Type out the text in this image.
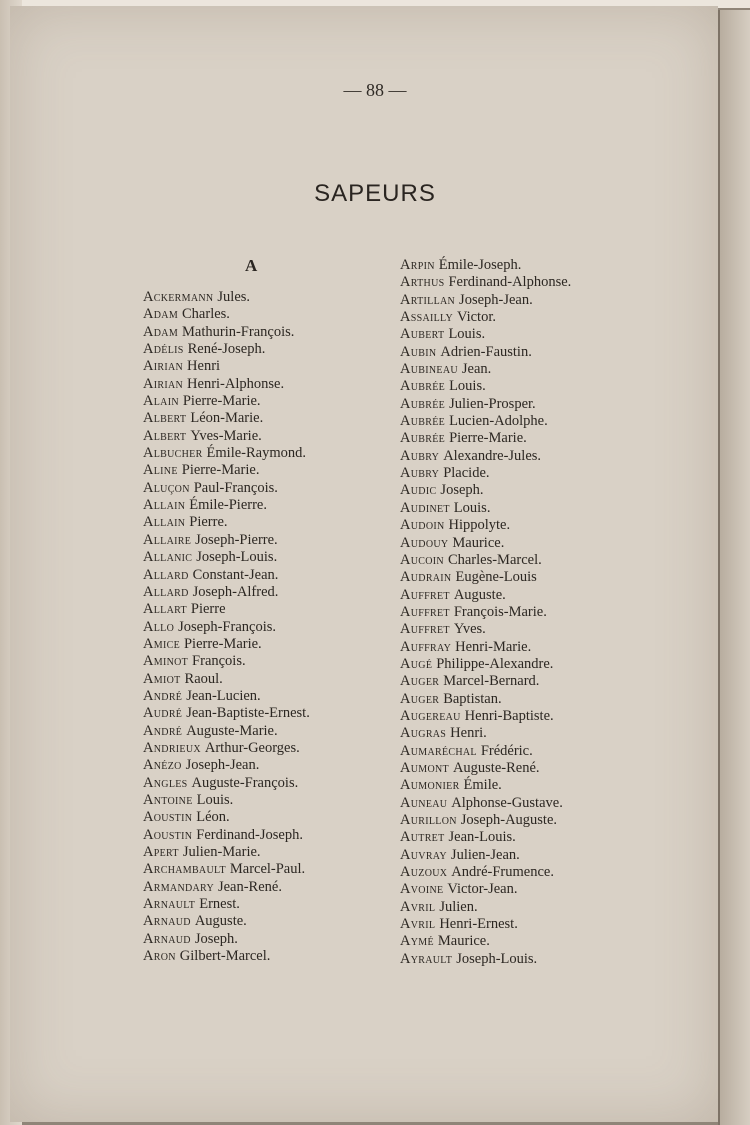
— 88 —
SAPEURS
A
Ackermann Jules.
Adam Charles.
Adam Mathurin-François.
Adélis René-Joseph.
Airian Henri
Airian Henri-Alphonse.
Alain Pierre-Marie.
Albert Léon-Marie.
Albert Yves-Marie.
Albucher Émile-Raymond.
Aline Pierre-Marie.
Aluçon Paul-François.
Allain Émile-Pierre.
Allain Pierre.
Allaire Joseph-Pierre.
Allanic Joseph-Louis.
Allard Constant-Jean.
Allard Joseph-Alfred.
Allart Pierre
Allo Joseph-François.
Amice Pierre-Marie.
Aminot François.
Amiot Raoul.
André Jean-Lucien.
Audré Jean-Baptiste-Ernest.
André Auguste-Marie.
Andrieux Arthur-Georges.
Anézo Joseph-Jean.
Angles Auguste-François.
Antoine Louis.
Aoustin Léon.
Aoustin Ferdinand-Joseph.
Apert Julien-Marie.
Archambault Marcel-Paul.
Armandary Jean-René.
Arnault Ernest.
Arnaud Auguste.
Arnaud Joseph.
Aron Gilbert-Marcel.
Arpin Émile-Joseph.
Arthus Ferdinand-Alphonse.
Artillan Joseph-Jean.
Assailly Victor.
Aubert Louis.
Aubin Adrien-Faustin.
Aubineau Jean.
Aubrée Louis.
Aubrée Julien-Prosper.
Aubrée Lucien-Adolphe.
Aubrée Pierre-Marie.
Aubry Alexandre-Jules.
Aubry Placide.
Audic Joseph.
Audinet Louis.
Audoin Hippolyte.
Audouy Maurice.
Aucoin Charles-Marcel.
Audrain Eugène-Louis
Auffret Auguste.
Auffret François-Marie.
Auffret Yves.
Auffray Henri-Marie.
Augé Philippe-Alexandre.
Auger Marcel-Bernard.
Auger Baptistan.
Augereau Henri-Baptiste.
Augras Henri.
Aumaréchal Frédéric.
Aumont Auguste-René.
Aumonier Émile.
Auneau Alphonse-Gustave.
Aurillon Joseph-Auguste.
Autret Jean-Louis.
Auvray Julien-Jean.
Auzoux André-Frumence.
Avoine Victor-Jean.
Avril Julien.
Avril Henri-Ernest.
Aymé Maurice.
Ayrault Joseph-Louis.
